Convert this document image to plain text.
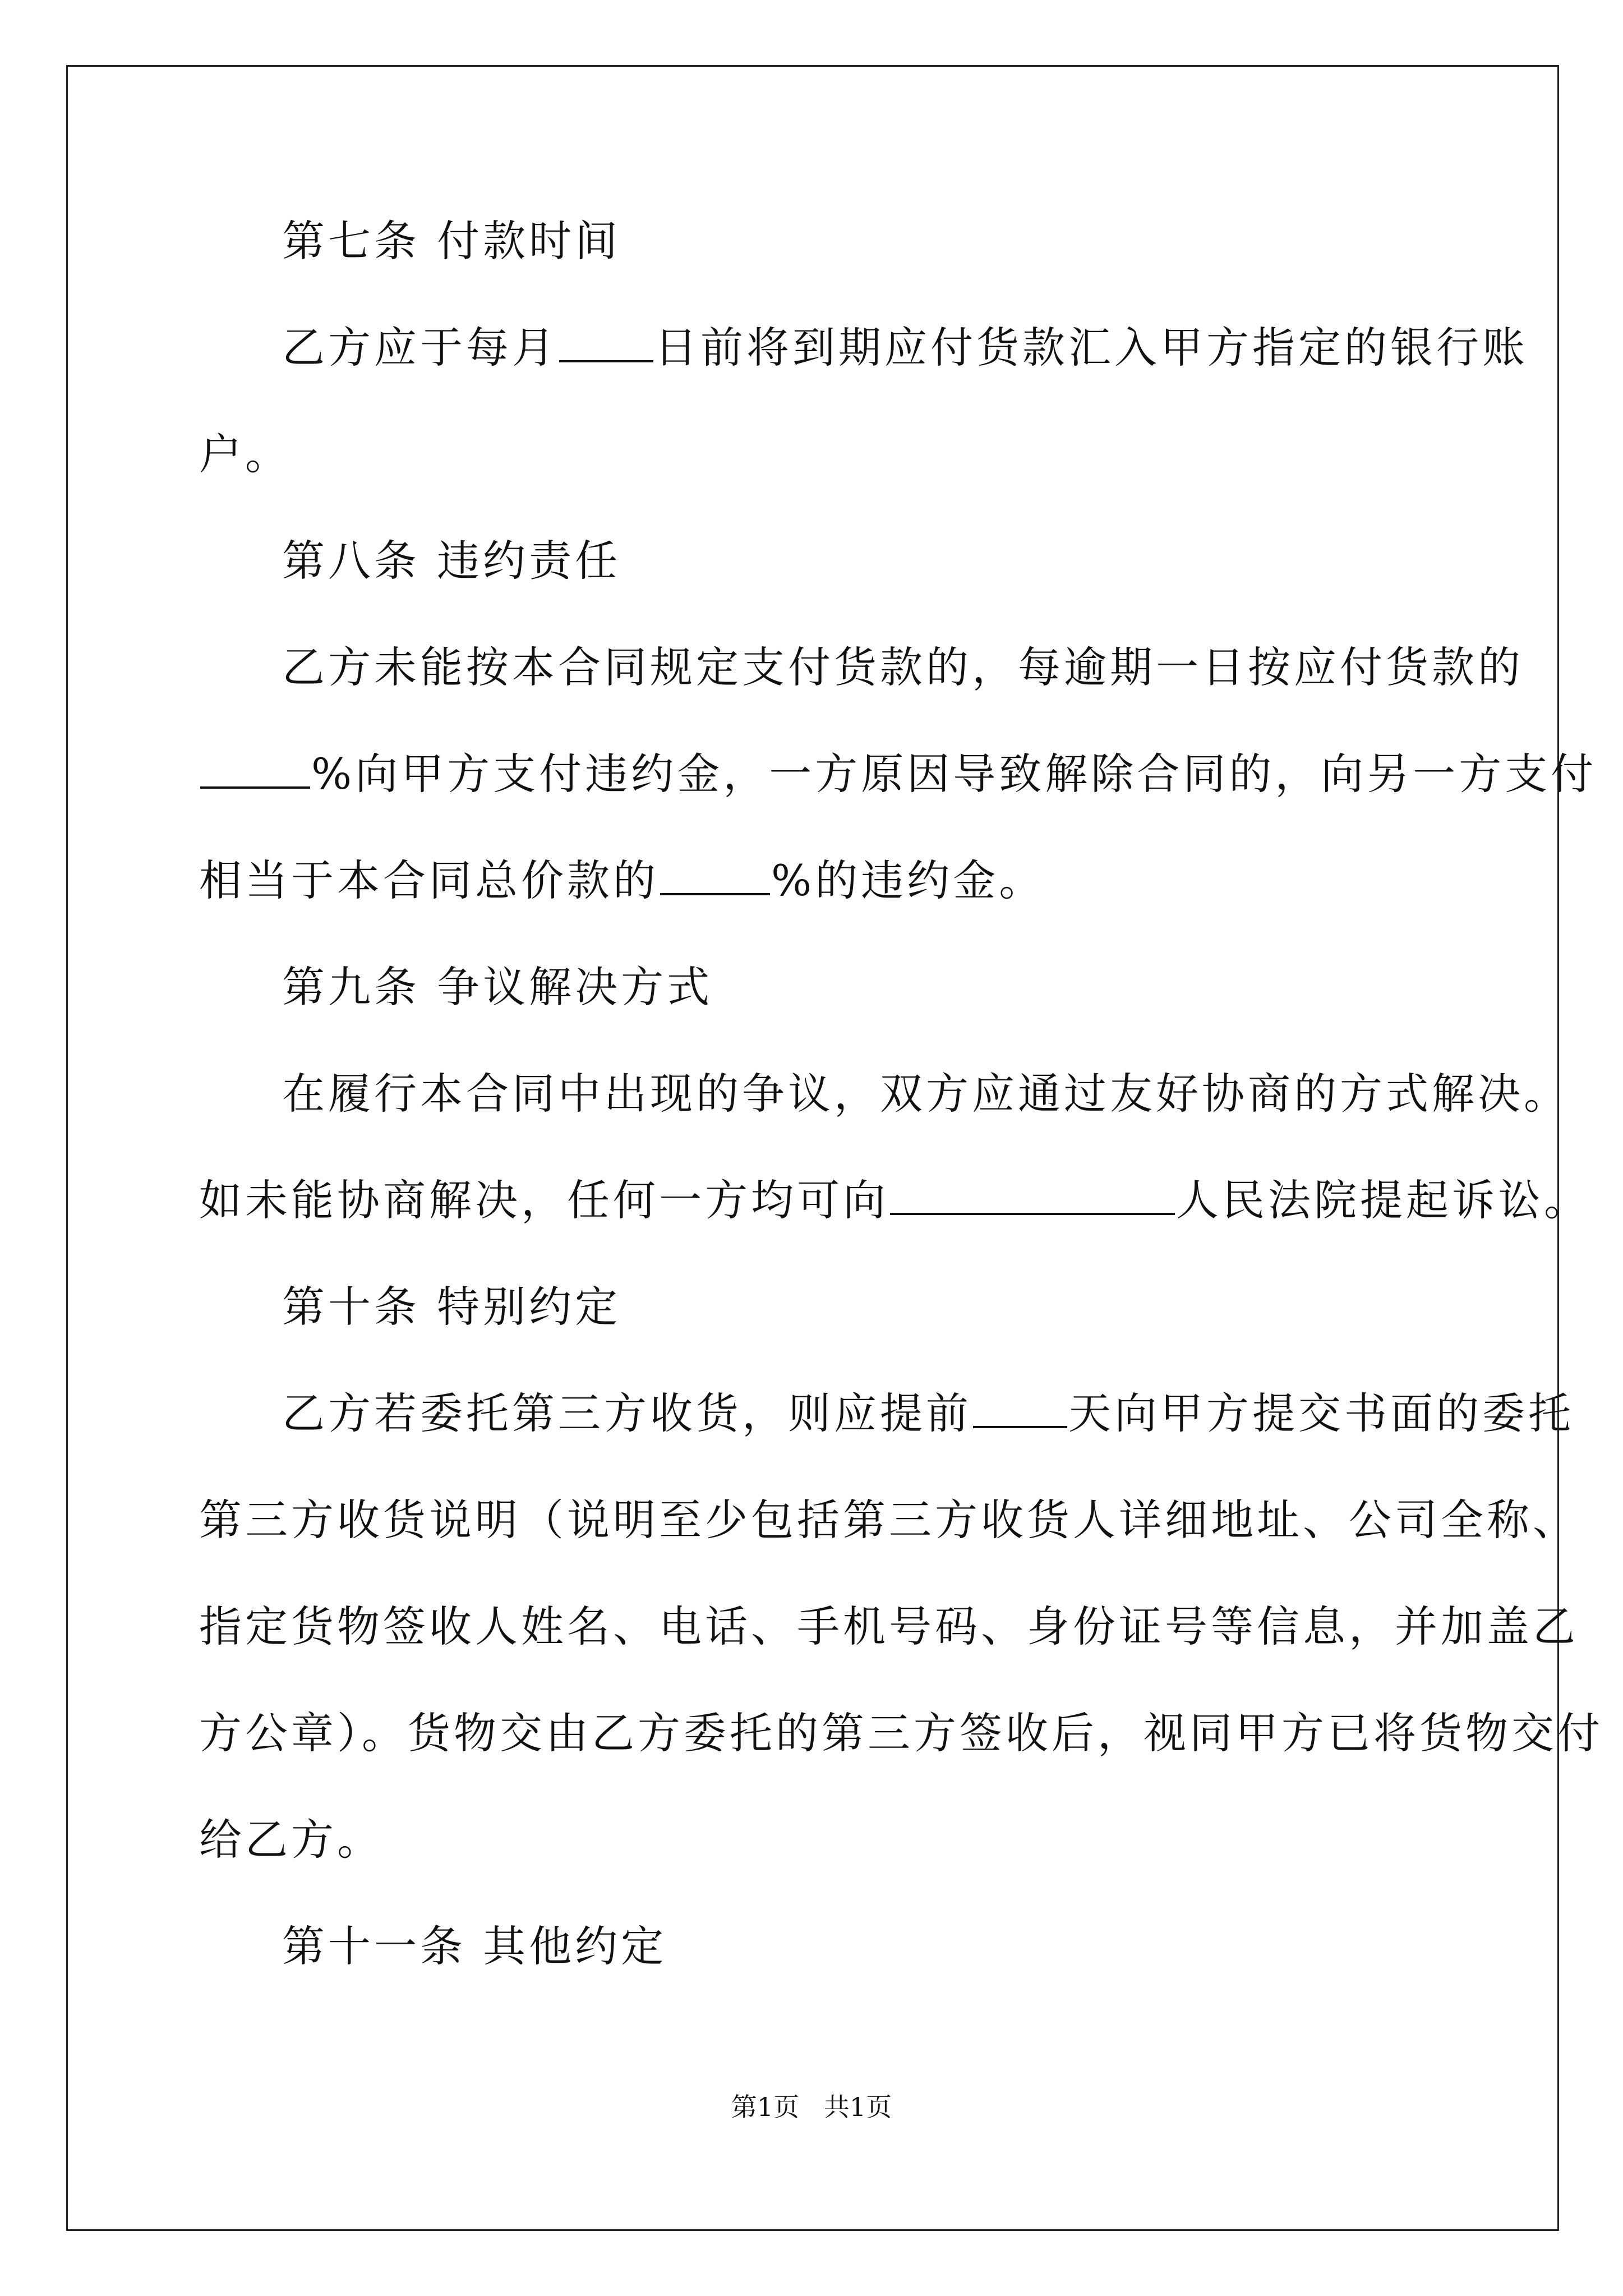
第七条 付款时间
乙方应于每月 日前将到期应付货款汇入甲方指定的银行账
户。
第八条 违约责任
乙方未能按本合同规定支付货款的，每逾期一日按应付货款的
%向甲方支付违约金，一方原因导致解除合同的，向另一方支付
相当于本合同总价款的	%的违约金。
第九条 争议解决方式
在履行本合同中出现的争议，双方应通过友好协商的方式解决。
如未能协商解决，任何一方均可向	人民法院提起诉讼。
第十条 特别约定
乙方若委托第三方收货，则应提前 天向甲方提交书面的委托
第三方收货说明（说明至少包括第三方收货人详细地址、公司全称、
指定货物签收人姓名、电话、手机号码、身份证号等信息，并加盖乙
方公章）。货物交由乙方委托的第三方签收后，视同甲方已将货物交付
给乙方。
第十一条 其他约定
第1页   共1页
